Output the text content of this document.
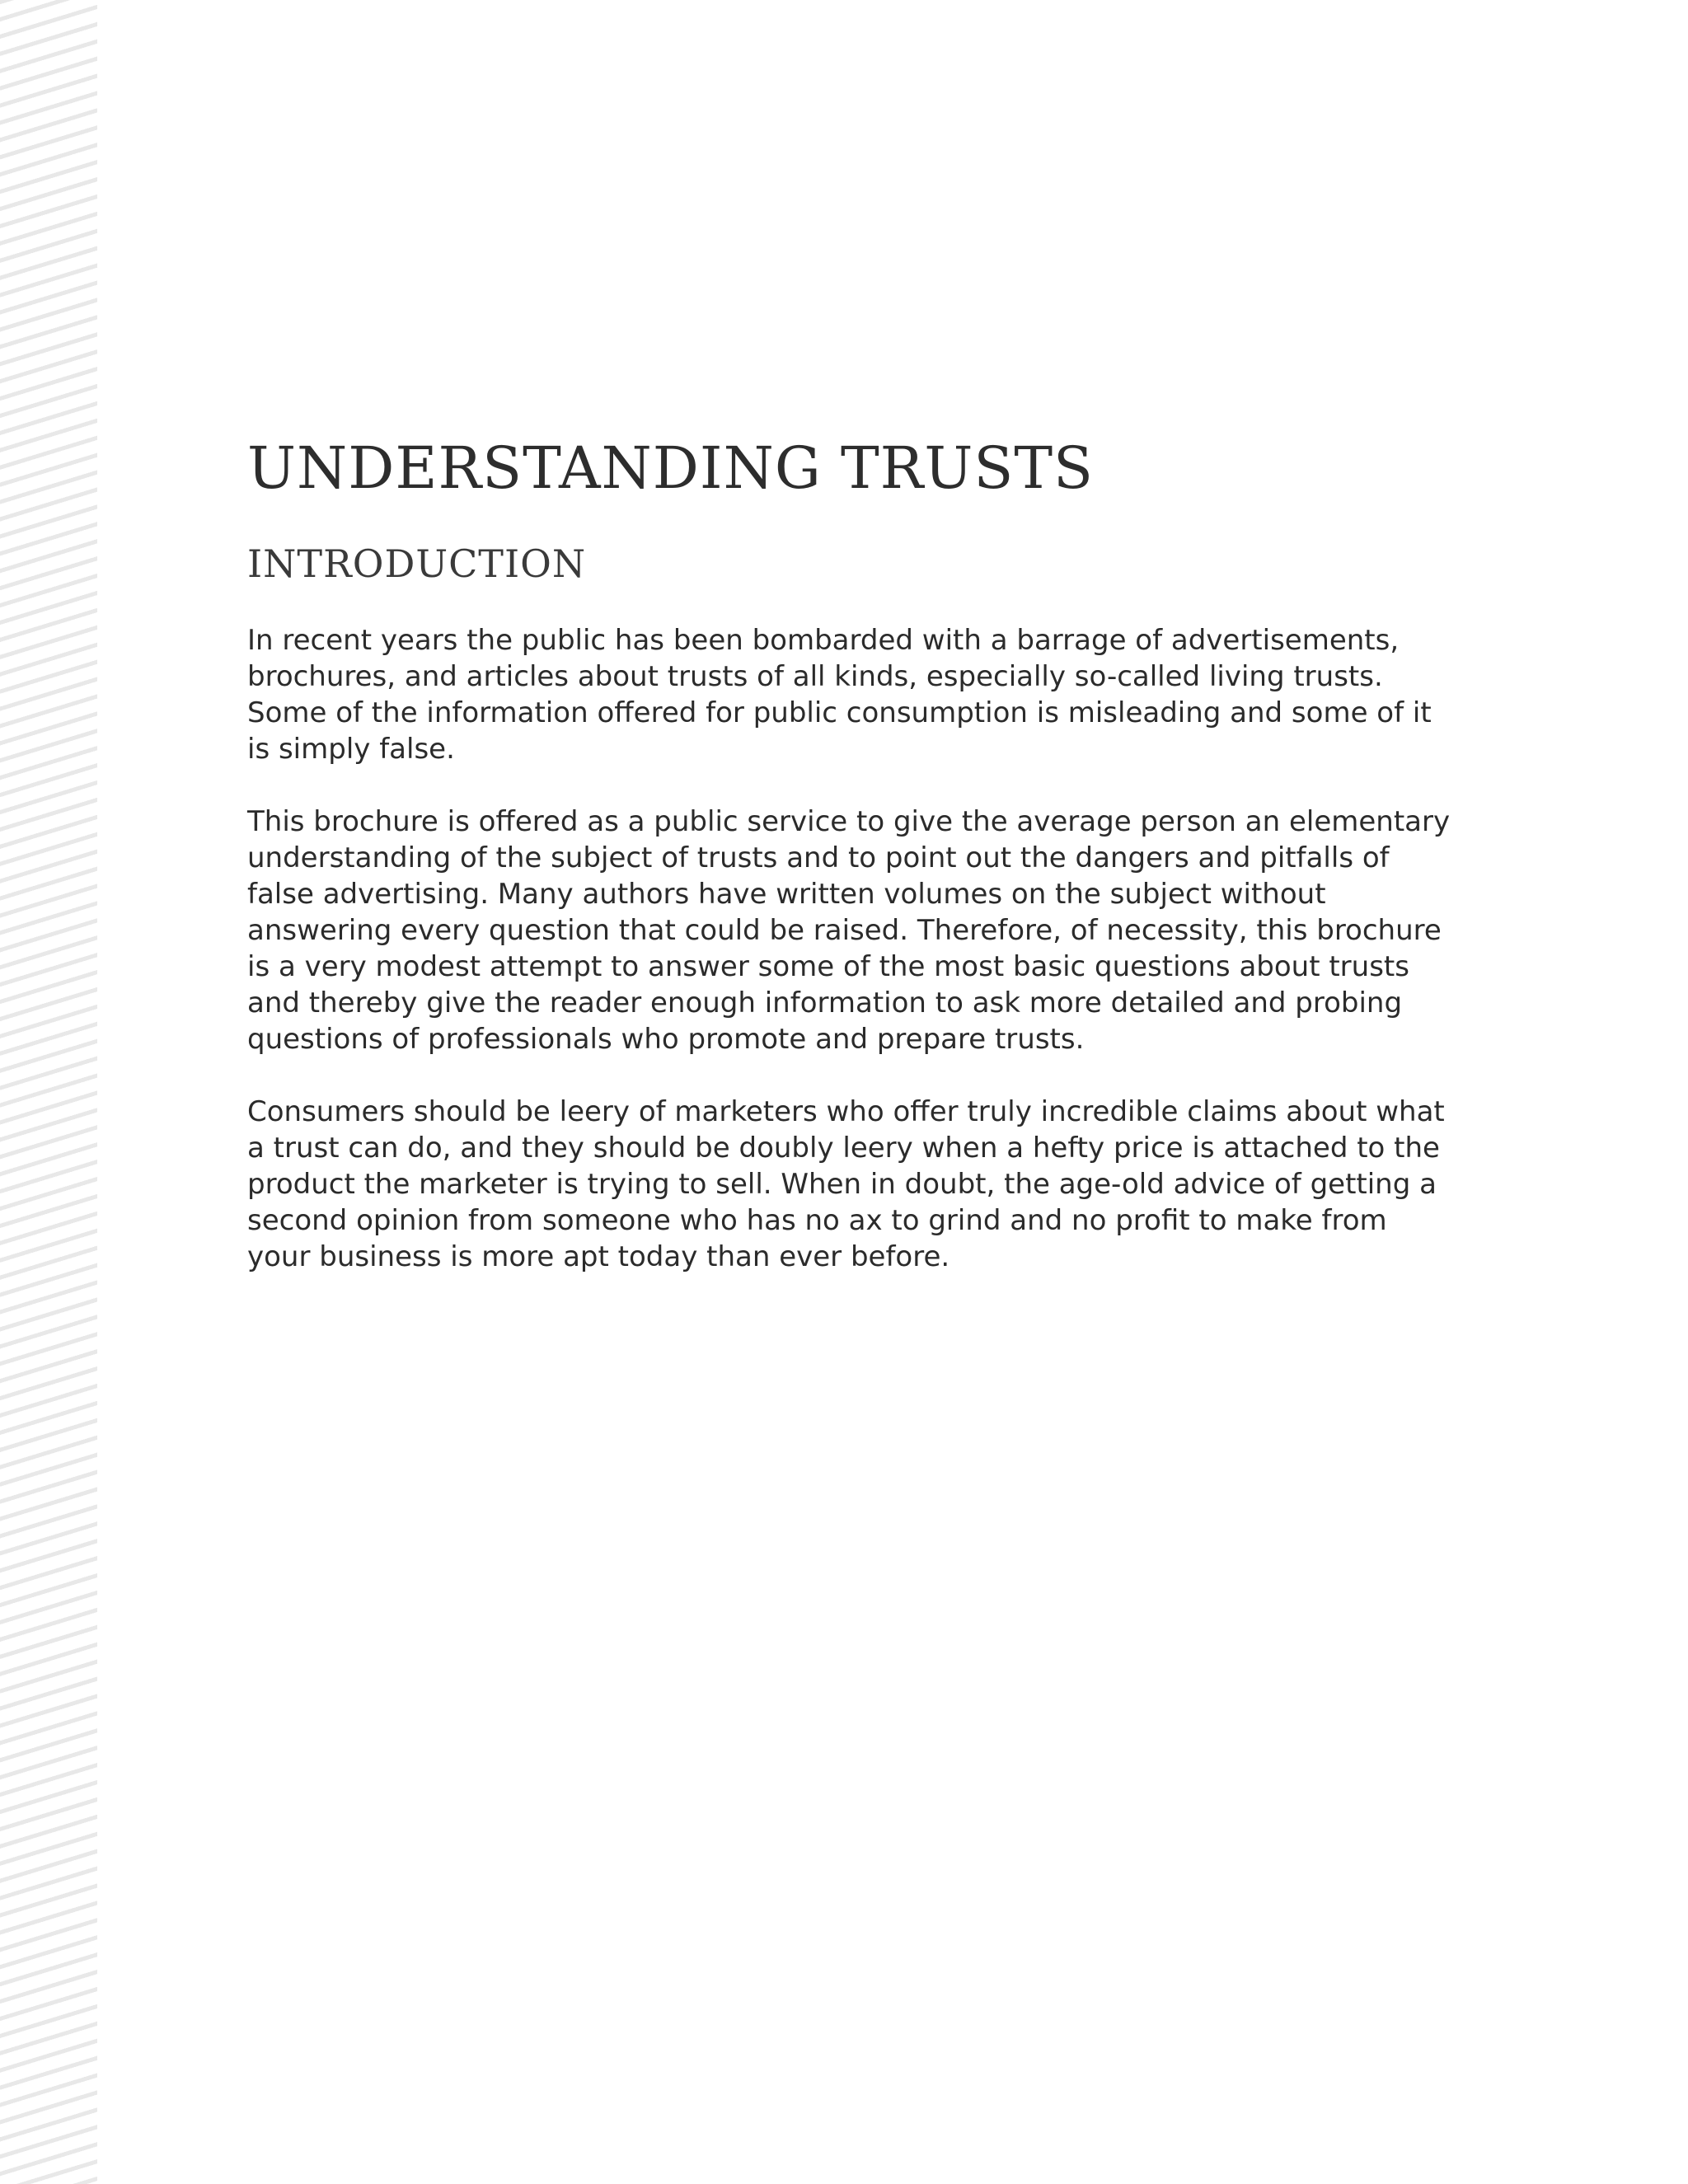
UNDERSTANDING TRUSTS
INTRODUCTION

In recent years the public has been bombarded with a barrage of advertisements, brochures, and articles about trusts of all kinds, especially so-called living trusts. Some of the information offered for public consumption is misleading and some of it is simply false.

This brochure is offered as a public service to give the average person an elementary understanding of the subject of trusts and to point out the dangers and pitfalls of false advertising. Many authors have written volumes on the subject without answering every question that could be raised. Therefore, of necessity, this brochure is a very modest attempt to answer some of the most basic questions about trusts and thereby give the reader enough information to ask more detailed and probing questions of professionals who promote and prepare trusts.

Consumers should be leery of marketers who offer truly incredible claims about what a trust can do, and they should be doubly leery when a hefty price is attached to the product the marketer is trying to sell. When in doubt, the age-old advice of getting a second opinion from someone who has no ax to grind and no profit to make from your business is more apt today than ever before.
